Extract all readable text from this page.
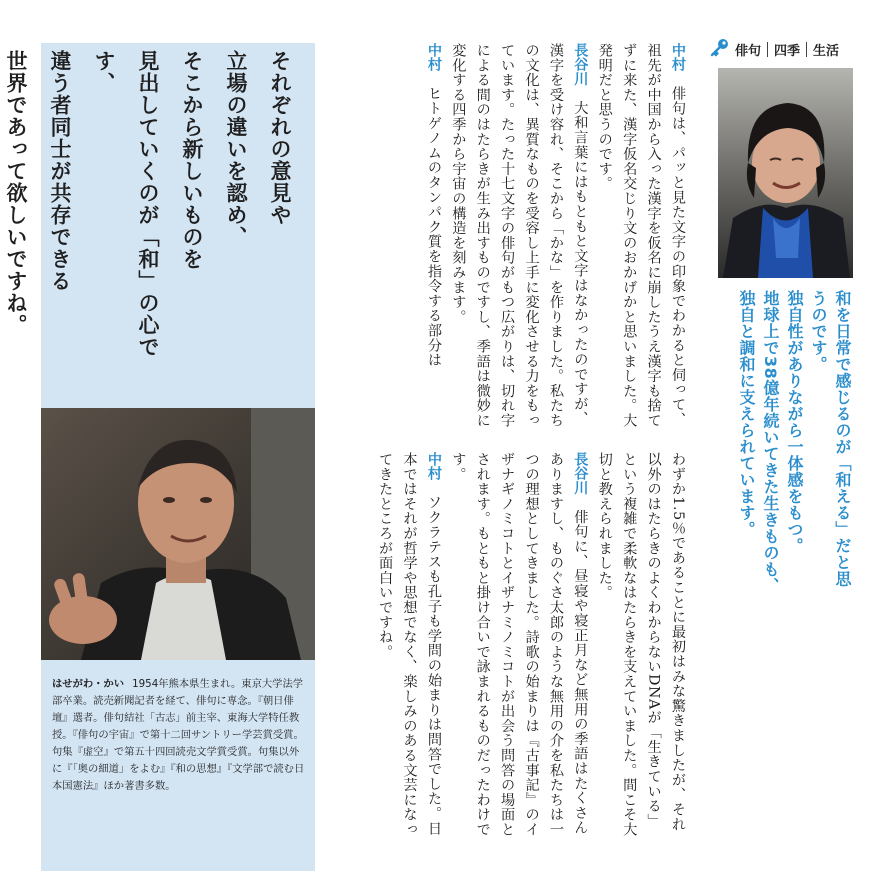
それぞれの意見や
立場の違いを認め、
そこから新しいものを
見出していくのが「和」の心です、
違う者同士が共存できる
世界であって欲しいですね。
はせがわ・かい 1954年熊本県生まれ。東京大学法学部卒業。読売新聞記者を経て、俳句に専念。『朝日俳壇』選者。俳句結社「古志」前主宰、東海大学特任教授。『俳句の宇宙』で第十二回サントリー学芸賞受賞。句集『虚空』で第五十四回読売文学賞受賞。句集以外に『「奥の細道」をよむ』『和の思想』『文学部で読む日本国憲法』ほか著書多数。
中村　俳句は、パッと見た文字の印象でわかると伺って、祖先が中国から入った漢字を仮名に崩したうえ漢字も捨てずに来た、漢字仮名交じり文のおかげかと思いました。大発明だと思うのです。
長谷川　大和言葉にはもともと文字はなかったのですが、漢字を受け容れ、そこから「かな」を作りました。私たちの文化は、異質なものを受容し上手に変化させる力をもっています。たった十七文字の俳句がもつ広がりは、切れ字による間のはたらきが生み出すものですし、季語は微妙に変化する四季から宇宙の構造を刻みます。
中村　ヒトゲノムのタンパク質を指令する部分は
わずか1.5％であることに最初はみな驚きましたが、それ以外のはたらきのよくわからないDNAが「生きている」という複雑で柔軟なはたらきを支えていました。間こそ大切と教えられました。
長谷川　俳句に、昼寝や寝正月など無用の季語はたくさんありますし、ものぐさ太郎のような無用の介を私たちは一つの理想としてきました。詩歌の始まりは『古事記』のイザナギノミコトとイザナミノミコトが出会う問答の場面とされます。もともと掛け合いで詠まれるものだったわけです。
中村　ソクラテスも孔子も学問の始まりは問答でした。日本ではそれが哲学や思想でなく、楽しみのある文芸になってきたところが面白いですね。
俳句 四季 生活
和を日常で感じるのが「和える」だと思うのです。
独自性がありながら一体感をもつ。
地球上で38億年続いてきた生きものも、
独自と調和に支えられています。
